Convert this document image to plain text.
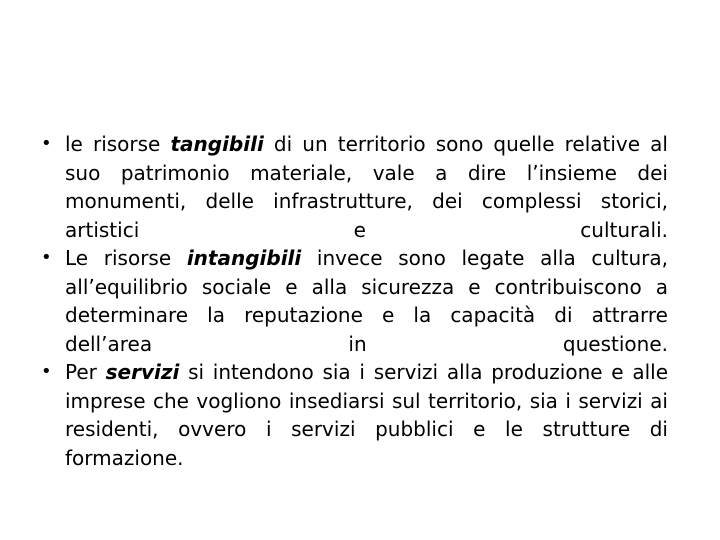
• le risorse tangibili di un territorio sono quelle relative al suo patrimonio materiale, vale a dire l’insieme dei monumenti, delle infrastrutture, dei complessi storici, artistici e culturali.
• Le risorse intangibili invece sono legate alla cultura, all’equilibrio sociale e alla sicurezza e contribuiscono a determinare la reputazione e la capacità di attrarre dell’area in questione.
• Per servizi si intendono sia i servizi alla produzione e alle imprese che vogliono insediarsi sul territorio, sia i servizi ai residenti, ovvero i servizi pubblici e le strutture di formazione.
